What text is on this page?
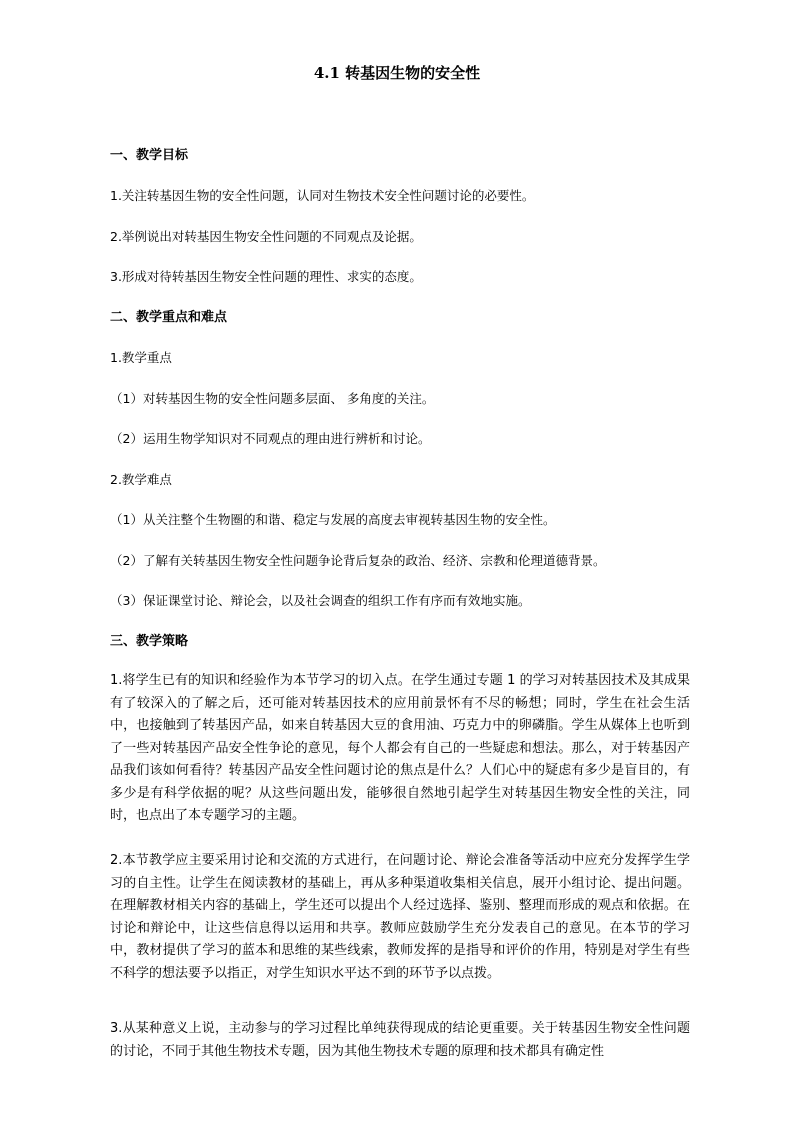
4.1 转基因生物的安全性
一、教学目标
1.关注转基因生物的安全性问题，认同对生物技术安全性问题讨论的必要性。
2.举例说出对转基因生物安全性问题的不同观点及论据。
3.形成对待转基因生物安全性问题的理性、求实的态度。
二、教学重点和难点
1.教学重点
（1）对转基因生物的安全性问题多层面、 多角度的关注。
（2）运用生物学知识对不同观点的理由进行辨析和讨论。
2.教学难点
（1）从关注整个生物圈的和谐、稳定与发展的高度去审视转基因生物的安全性。
（2）了解有关转基因生物安全性问题争论背后复杂的政治、经济、宗教和伦理道德背景。
（3）保证课堂讨论、辩论会，以及社会调查的组织工作有序而有效地实施。
三、教学策略
1.将学生已有的知识和经验作为本节学习的切入点。在学生通过专题 1 的学习对转基因技术及其成果有了较深入的了解之后，还可能对转基因技术的应用前景怀有不尽的畅想；同时，学生在社会生活中，也接触到了转基因产品，如来自转基因大豆的食用油、巧克力中的卵磷脂。学生从媒体上也听到了一些对转基因产品安全性争论的意见，每个人都会有自己的一些疑虑和想法。那么，对于转基因产品我们该如何看待？转基因产品安全性问题讨论的焦点是什么？人们心中的疑虑有多少是盲目的，有多少是有科学依据的呢？从这些问题出发，能够很自然地引起学生对转基因生物安全性的关注，同时，也点出了本专题学习的主题。
2.本节教学应主要采用讨论和交流的方式进行，在问题讨论、辩论会准备等活动中应充分发挥学生学习的自主性。让学生在阅读教材的基础上，再从多种渠道收集相关信息，展开小组讨论、提出问题。在理解教材相关内容的基础上，学生还可以提出个人经过选择、鉴别、整理而形成的观点和依据。在讨论和辩论中，让这些信息得以运用和共享。教师应鼓励学生充分发表自己的意见。在本节的学习中，教材提供了学习的蓝本和思维的某些线索，教师发挥的是指导和评价的作用，特别是对学生有些不科学的想法要予以指正，对学生知识水平达不到的环节予以点拨。
3.从某种意义上说，主动参与的学习过程比单纯获得现成的结论更重要。关于转基因生物安全性问题的讨论，不同于其他生物技术专题，因为其他生物技术专题的原理和技术都具有确定性
